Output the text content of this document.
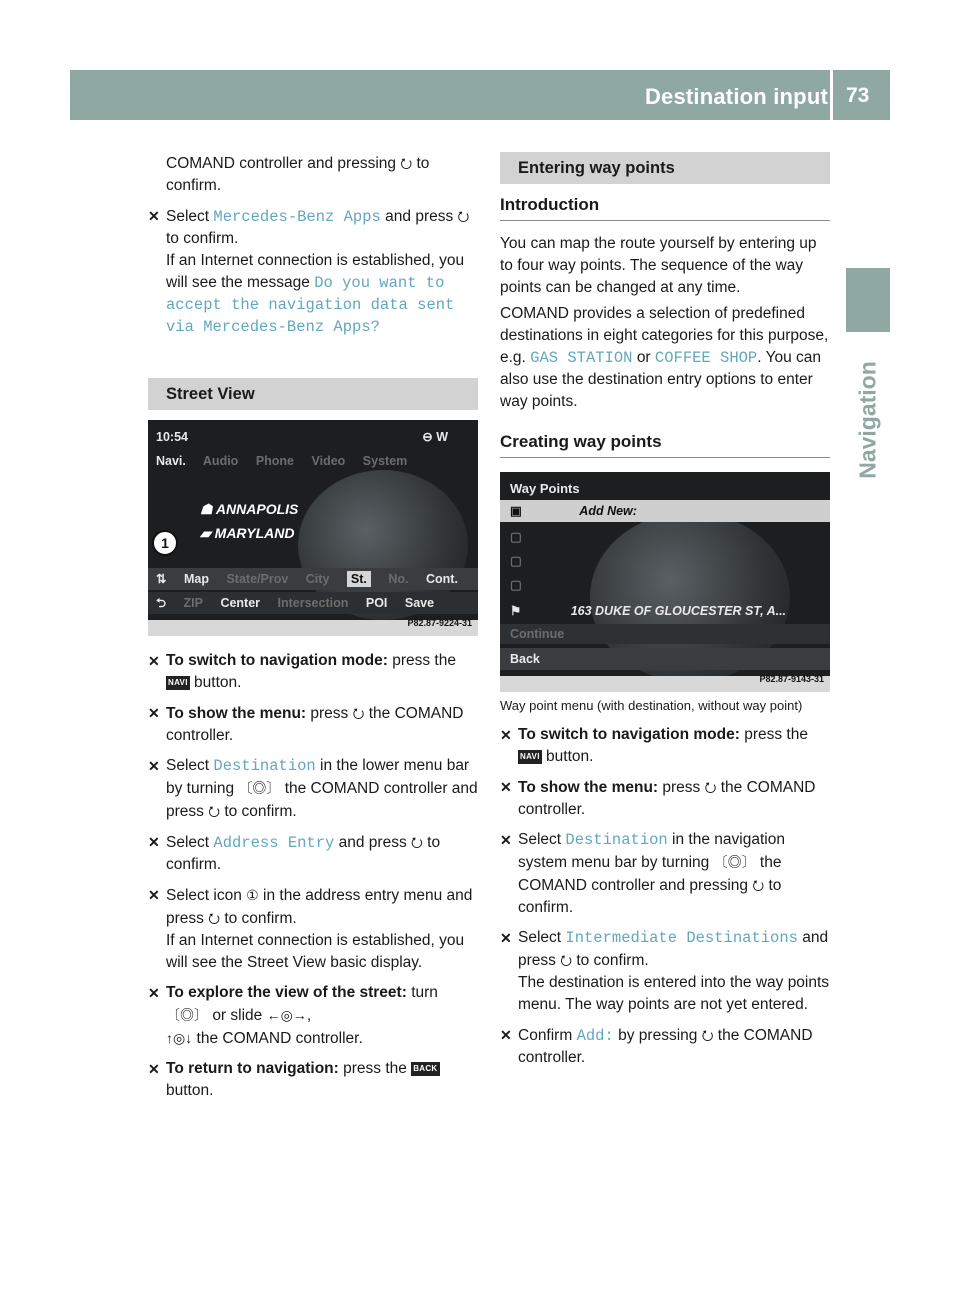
Destination input 73
Navigation

COMAND controller and pressing ⭮ to confirm.

✕ Select Mercedes-Benz Apps and press ⭮ to confirm.
If an Internet connection is established, you will see the message Do you want to
accept the navigation data sent
via Mercedes-Benz Apps?
Street View
10:54	⊖ W
Navi. Audio Phone Video System
☗ ANNAPOLIS
▰ MARYLAND
1
⇅ Map State/Prov City St. No. Cont.
⮌ ZIP Center Intersection POI Save
P82.87-9224-31
✕ To switch to navigation mode: press the
NAVI button.
✕ To show the menu: press ⭮ the COMAND controller.
✕ Select Destination in the lower menu bar by turning 〔◎〕 the COMAND controller and press ⭮ to confirm.
✕ Select Address Entry and press ⭮ to confirm.
✕ Select icon ① in the address entry menu and press ⭮ to confirm.
If an Internet connection is established, you will see the Street View basic display.
✕ To explore the view of the street: turn
〔◎〕 or slide ←◎→,
↑◎↓ the COMAND controller.
✕ To return to navigation: press the BACK
button.
Entering way points
Introduction

You can map the route yourself by entering up to four way points. The sequence of the way points can be changed at any time.

COMAND provides a selection of predefined destinations in eight categories for this purpose, e.g. GAS STATION or COFFEE SHOP. You can also use the destination entry options to enter way points.

Creating way points
Way Points
▣	Add New:
▢
▢
▢
⚑	163 DUKE OF GLOUCESTER ST, A...
Continue
Back
P82.87-9143-31

Way point menu (with destination, without way point)

✕ To switch to navigation mode: press the
NAVI button.
✕ To show the menu: press ⭮ the COMAND controller.
✕ Select Destination in the navigation system menu bar by turning 〔◎〕 the COMAND controller and pressing ⭮ to confirm.
✕ Select Intermediate Destinations and press ⭮ to confirm.
The destination is entered into the way points menu. The way points are not yet entered.
✕ Confirm Add: by pressing ⭮ the COMAND controller.
